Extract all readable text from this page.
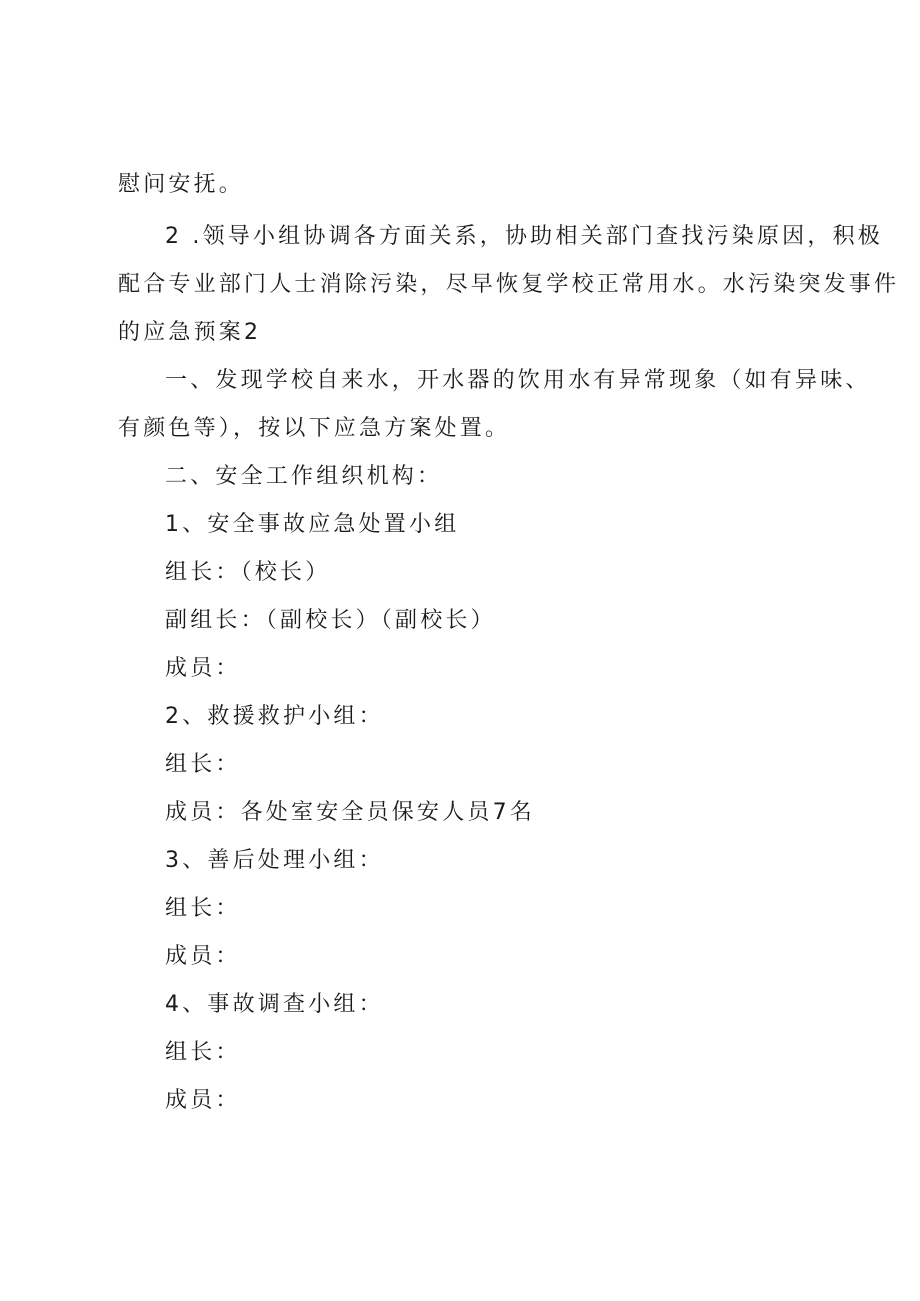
慰问安抚。

2 .领导小组协调各方面关系，协助相关部门查找污染原因，积极

配合专业部门人士消除污染，尽早恢复学校正常用水。水污染突发事件

的应急预案2

一、发现学校自来水，开水器的饮用水有异常现象（如有异味、

有颜色等），按以下应急方案处置。

二、安全工作组织机构：

1、安全事故应急处置小组

组长：（校长）

副组长：（副校长）（副校长）

成员：

2、救援救护小组：

组长：

成员：各处室安全员保安人员7名

3、善后处理小组：

组长：

成员：

4、事故调查小组：

组长：

成员：
